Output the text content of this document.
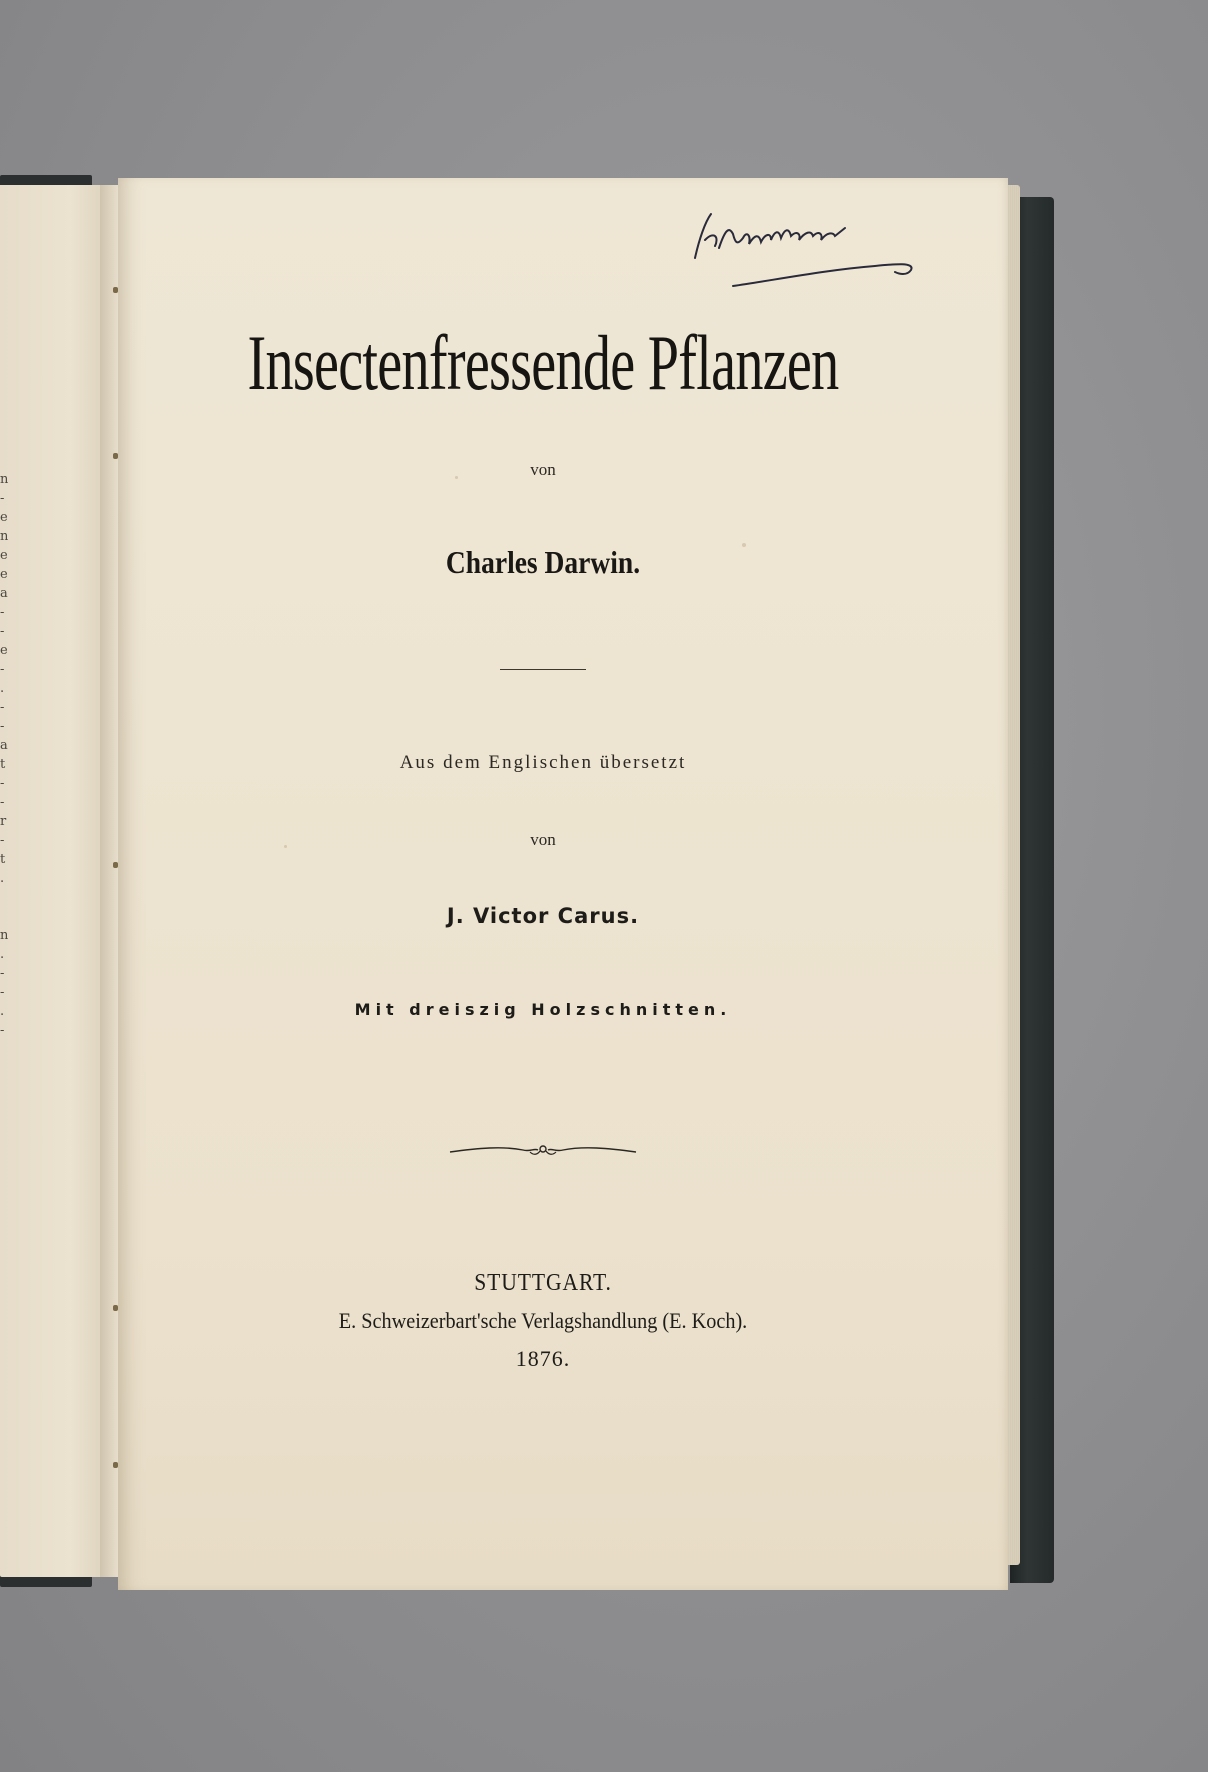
n
-
e
n
e
e
a
-
-
e
-
.
-
-
a
t
-
-
r
-
t
.

n
.
-
-
.
-
Insectenfressende Pflanzen
von
Charles Darwin.
Aus dem Englischen übersetzt
von
J. Victor Carus.
Mit dreiszig Holzschnitten.
STUTTGART.
E. Schweizerbart'sche Verlagshandlung (E. Koch).
1876.
